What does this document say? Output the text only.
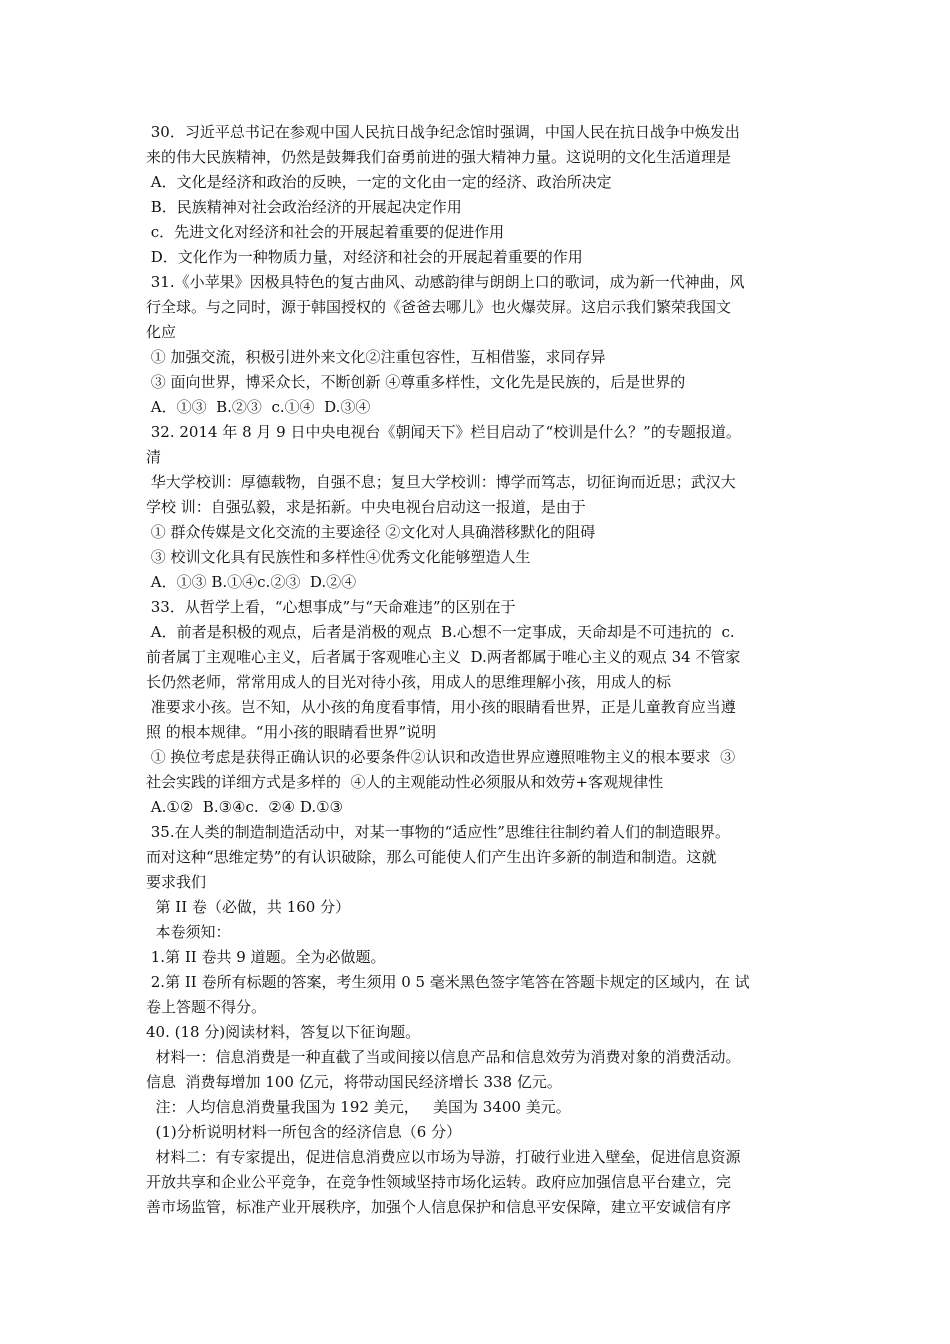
30．习近平总书记在参观中国人民抗日战争纪念馆时强调，中国人民在抗日战争中焕发出
来的伟大民族精神，仍然是鼓舞我们奋勇前进的强大精神力量。这说明的文化生活道理是
A．文化是经济和政治的反映，一定的文化由一定的经济、政治所决定
B．民族精神对社会政治经济的开展起决定作用
c．先进文化对经济和社会的开展起着重要的促进作用
D．文化作为一种物质力量，对经济和社会的开展起着重要的作用
31.《小苹果》因极具特色的复古曲风、动感韵律与朗朗上口的歌词，成为新一代神曲，风
行全球。与之同时，源于韩国授权的《爸爸去哪儿》也火爆荧屏。这启示我们繁荣我国文
化应
① 加强交流，积极引进外来文化②注重包容性，互相借鉴，求同存异
③ 面向世界，博采众长，不断创新 ④尊重多样性，文化先是民族的，后是世界的
A．①③  B.②③  c.①④  D.③④
32. 2014 年 8 月 9 日中央电视台《朝闻天下》栏目启动了“校训是什么？”的专题报道。
清
华大学校训：厚德载物，自强不息；复旦大学校训：博学而笃志，切征询而近思；武汉大
学校 训：自强弘毅，求是拓新。中央电视台启动这一报道，是由于
① 群众传媒是文化交流的主要途径 ②文化对人具确潜移默化的阻碍
③ 校训文化具有民族性和多样性④优秀文化能够塑造人生
A．①③ B.①④c.②③  D.②④
33．从哲学上看，“心想事成”与“天命难违”的区别在于
A．前者是积极的观点，后者是消极的观点  B.心想不一定事成，天命却是不可违抗的  c.
前者属丁主观唯心主义，后者属于客观唯心主义  D.两者都属于唯心主义的观点 34 不管家
长仍然老师，常常用成人的目光对待小孩，用成人的思维理解小孩，用成人的标
准要求小孩。岂不知，从小孩的角度看事情，用小孩的眼睛看世界，正是儿童教育应当遵
照 的根本规律。“用小孩的眼睛看世界”说明
① 换位考虑是获得正确认识的必要条件②认识和改造世界应遵照唯物主义的根本要求  ③
社会实践的详细方式是多样的  ④人的主观能动性必须服从和效劳+客观规律性
A.①②  B.③④c.  ②④ D.①③
35.在人类的制造制造活动中，对某一事物的“适应性”思维往往制约着人们的制造眼界。
而对这种“思维定势”的有认识破除，那么可能使人们产生出许多新的制造和制造。这就
要求我们
第 II 卷（必做，共 160 分）
本卷须知：
1.第 II 卷共 9 道题。全为必做题。
2.第 II 卷所有标题的答案，考生须用 0 5 毫米黑色签字笔答在答题卡规定的区域内，在 试
卷上答题不得分。
40. (18 分)阅读材料，答复以下征询题。
材料一：信息消费是一种直截了当或间接以信息产品和信息效劳为消费对象的消费活动。
信息  消费每增加 100 亿元，将带动国民经济增长 338 亿元。
注：人均信息消费量我国为 192 美元，   美国为 3400 美元。
(1)分析说明材料一所包含的经济信息（6 分）
材料二：有专家提出，促进信息消费应以市场为导游，打破行业进入壁垒，促进信息资源
开放共享和企业公平竞争，在竞争性领域坚持市场化运转。政府应加强信息平台建立，完
善市场监管，标准产业开展秩序，加强个人信息保护和信息平安保障，建立平安诚信有序
